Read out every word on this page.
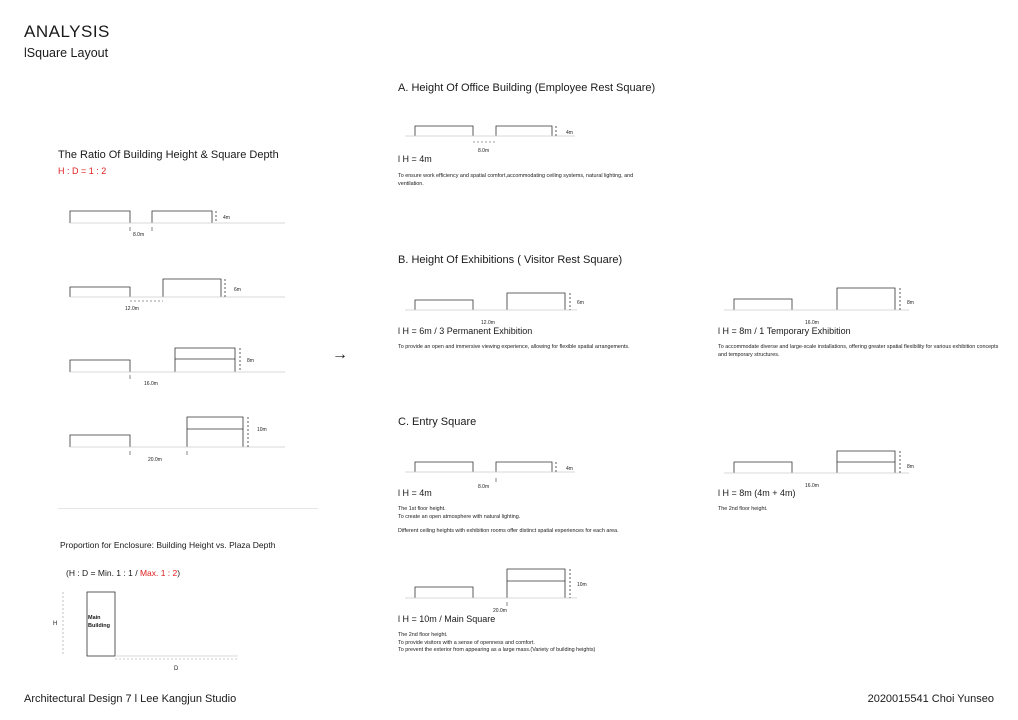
ANALYSIS
lSquare Layout
The Ratio Of Building Height & Square Depth
H : D = 1 : 2
8.0m
4m
12.0m
6m
16.0m
8m
20.0m
10m
Proportion for Enclosure: Building Height vs. Plaza Depth
(H : D = Min. 1 : 1 / Max. 1 : 2)
H
D
Main Building
→
A. Height Of Office Building (Employee Rest Square)
8.0m
4m
l H = 4m
To ensure work efficiency and spatial comfort,accommodating ceiling systems, natural lighting, and ventilation.
B. Height Of Exhibitions ( Visitor Rest Square)
12.0m
6m
l H = 6m / 3 Permanent Exhibition
To provide an open and immersive viewing experience, allowing for flexible spatial arrangements.
16.0m
8m
l H = 8m / 1 Temporary Exhibition
To accommodate diverse and large-scale installations, offering greater spatial flexibility for various exhibition concepts and temporary structures.
C. Entry Square
8.0m
4m
l H = 4m
The 1st floor height.
To create an open atmosphere with natural lighting.
Different ceiling heights with exhibition rooms offer distinct spatial experiences for each area.
16.0m
8m
l H = 8m (4m + 4m)
The 2nd floor height.
20.0m
10m
l H = 10m / Main Square
The 2nd floor height.
To provide visitors with a sense of openness and comfort.
To prevent the exterior from appearing as a large mass.(Variety of building heights)
Architectural Design 7 l Lee Kangjun Studio	2020015541 Choi Yunseo
